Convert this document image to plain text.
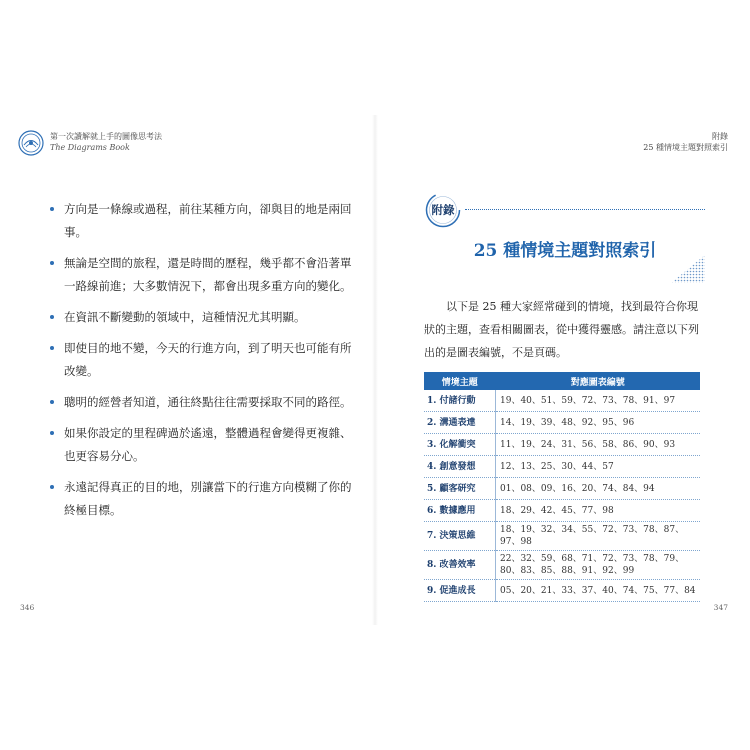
第一次讀解就上手的圖像思考法
The Diagrams Book
方向是一條線或過程，前往某種方向，卻與目的地是兩回事。
無論是空間的旅程，還是時間的歷程，幾乎都不會沿著單一路線前進；大多數情況下，都會出現多重方向的變化。
在資訊不斷變動的領域中，這種情況尤其明顯。
即使目的地不變，今天的行進方向，到了明天也可能有所改變。
聰明的經營者知道，通往終點往往需要採取不同的路徑。
如果你設定的里程碑過於遙遠，整體過程會變得更複雜、也更容易分心。
永遠記得真正的目的地，別讓當下的行進方向模糊了你的終極目標。
346
附錄
25 種情境主題對照索引
附錄
25 種情境主題對照索引
以下是 25 種大家經常碰到的情境，找到最符合你現狀的主題，查看相關圖表，從中獲得靈感。請注意以下列出的是圖表編號，不是頁碼。
情境主題	對應圖表編號
1. 付諸行動	19、40、51、59、72、73、78、91、97
2. 溝通表達	14、19、39、48、92、95、96
3. 化解衝突	11、19、24、31、56、58、86、90、93
4. 創意發想	12、13、25、30、44、57
5. 顧客研究	01、08、09、16、20、74、84、94
6. 數據應用	18、29、42、45、77、98
7. 決策思維	18、19、32、34、55、72、73、78、87、97、98
8. 改善效率	22、32、59、68、71、72、73、78、79、80、83、85、88、91、92、99
9. 促進成長	05、20、21、33、37、40、74、75、77、84
347
